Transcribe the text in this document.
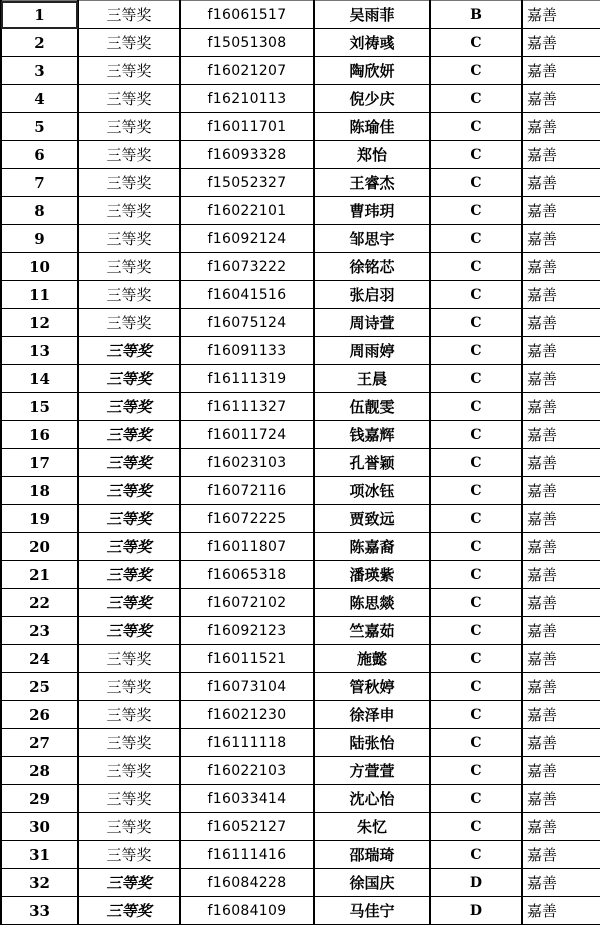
1	三等奖	f16061517	吴雨菲	B	嘉善
2	三等奖	f15051308	刘祷彧	C	嘉善
3	三等奖	f16021207	陶欣妍	C	嘉善
4	三等奖	f16210113	倪少庆	C	嘉善
5	三等奖	f16011701	陈瑜佳	C	嘉善
6	三等奖	f16093328	郑怡	C	嘉善
7	三等奖	f15052327	王睿杰	C	嘉善
8	三等奖	f16022101	曹玮玥	C	嘉善
9	三等奖	f16092124	邹思宇	C	嘉善
10	三等奖	f16073222	徐铭芯	C	嘉善
11	三等奖	f16041516	张启羽	C	嘉善
12	三等奖	f16075124	周诗萱	C	嘉善
13	三等奖	f16091133	周雨婷	C	嘉善
14	三等奖	f16111319	王晨	C	嘉善
15	三等奖	f16111327	伍靓雯	C	嘉善
16	三等奖	f16011724	钱嘉辉	C	嘉善
17	三等奖	f16023103	孔誉颖	C	嘉善
18	三等奖	f16072116	项冰钰	C	嘉善
19	三等奖	f16072225	贾致远	C	嘉善
20	三等奖	f16011807	陈嘉裔	C	嘉善
21	三等奖	f16065318	潘瑛紫	C	嘉善
22	三等奖	f16072102	陈思燚	C	嘉善
23	三等奖	f16092123	竺嘉茹	C	嘉善
24	三等奖	f16011521	施懿	C	嘉善
25	三等奖	f16073104	管秋婷	C	嘉善
26	三等奖	f16021230	徐泽申	C	嘉善
27	三等奖	f16111118	陆张怡	C	嘉善
28	三等奖	f16022103	方萱萱	C	嘉善
29	三等奖	f16033414	沈心怡	C	嘉善
30	三等奖	f16052127	朱忆	C	嘉善
31	三等奖	f16111416	邵瑞琦	C	嘉善
32	三等奖	f16084228	徐国庆	D	嘉善
33	三等奖	f16084109	马佳宁	D	嘉善
